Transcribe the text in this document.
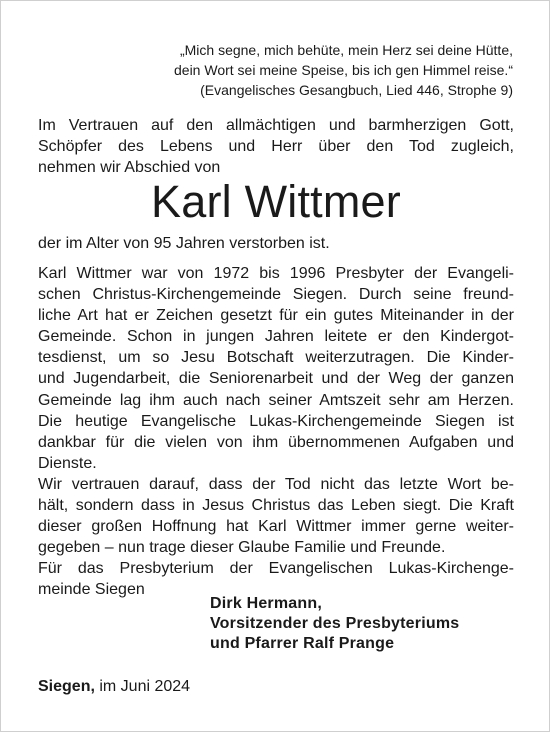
„Mich segne, mich behüte, mein Herz sei deine Hütte,
dein Wort sei meine Speise, bis ich gen Himmel reise.“
(Evangelisches Gesangbuch, Lied 446, Strophe 9)
Im Vertrauen auf den allmächtigen und barmherzigen Gott,
Schöpfer des Lebens und Herr über den Tod zugleich,
nehmen wir Abschied von
Karl Wittmer
der im Alter von 95 Jahren verstorben ist.
Karl Wittmer war von 1972 bis 1996 Presbyter der Evangeli-
schen Christus-Kirchengemeinde Siegen. Durch seine freund-
liche Art hat er Zeichen gesetzt für ein gutes Miteinander in der
Gemeinde. Schon in jungen Jahren leitete er den Kindergot-
tesdienst, um so Jesu Botschaft weiterzutragen. Die Kinder-
und Jugendarbeit, die Seniorenarbeit und der Weg der ganzen
Gemeinde lag ihm auch nach seiner Amtszeit sehr am Herzen.
Die heutige Evangelische Lukas-Kirchengemeinde Siegen ist
dankbar für die vielen von ihm übernommenen Aufgaben und
Dienste.
Wir vertrauen darauf, dass der Tod nicht das letzte Wort be-
hält, sondern dass in Jesus Christus das Leben siegt. Die Kraft
dieser großen Hoffnung hat Karl Wittmer immer gerne weiter-
gegeben – nun trage dieser Glaube Familie und Freunde.
Für das Presbyterium der Evangelischen Lukas-Kirchenge-
meinde Siegen
Dirk Hermann,
Vorsitzender des Presbyteriums
und Pfarrer Ralf Prange
Siegen, im Juni 2024
